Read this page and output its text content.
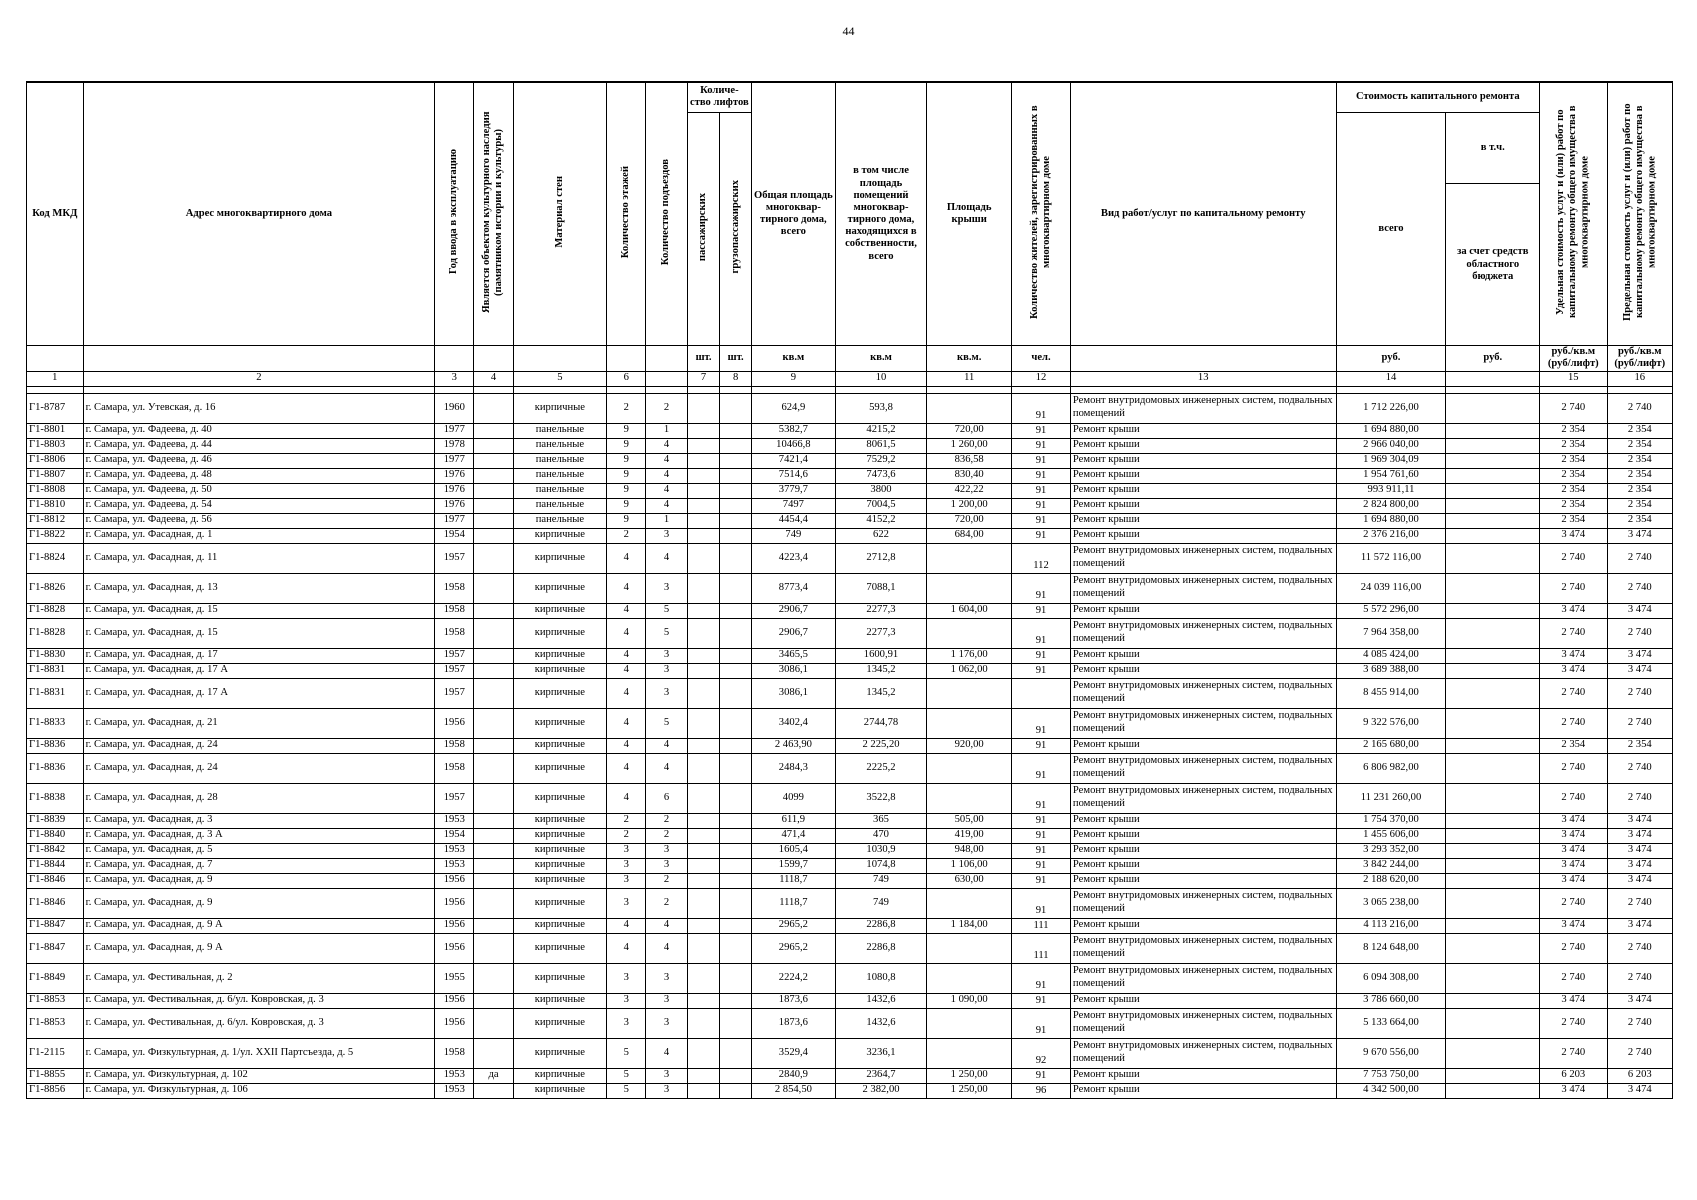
44
Код МКД	Адрес многоквартирного дома	Год ввода в эксплуатацию	Является объектом культурного наследия (памятником истории и культуры)	Материал стен	Количество этажей	Количество подъездов	Количе-ство лифтов		Общая площадь многоквар-тирного дома, всего	в том числе площадь помещений многоквар-тирного дома, находящихся в собственности, всего	Площадь крыши	Количество жителей, зарегистрированных в многоквартирном доме	Вид работ/услуг по капитальному ремонту	Стоимость капитального ремонта		Удельная стоимость услуг и (или) работ по капитальному ремонту общего имущества в многоквартирном доме	Предельная стоимость услуг и (или) работ по капитальному ремонту общего имущества в многоквартирном доме
							пассажирских	грузопассажирских						всего	в т.ч.		
															за счет средств областного бюджета		
							шт.	шт.	кв.м	кв.м	кв.м.	чел.		руб.	руб.	руб./кв.м (руб/лифт)	руб./кв.м (руб/лифт)
1	2	3	4	5	6		7	8	9	10	11	12	13	14		15	16

Г1-8787	г. Самара, ул. Утевская, д. 16	1960		кирпичные	2	2			624,9	593,8		91	Ремонт внутридомовых инженерных систем, подвальных помещений	1 712 226,00		2 740	2 740
Г1-8801	г. Самара, ул. Фадеева, д. 40	1977		панельные	9	1			5382,7	4215,2	720,00	91	Ремонт крыши	1 694 880,00		2 354	2 354
Г1-8803	г. Самара, ул. Фадеева, д. 44	1978		панельные	9	4			10466,8	8061,5	1 260,00	91	Ремонт крыши	2 966 040,00		2 354	2 354
Г1-8806	г. Самара, ул. Фадеева, д. 46	1977		панельные	9	4			7421,4	7529,2	836,58	91	Ремонт крыши	1 969 304,09		2 354	2 354
Г1-8807	г. Самара, ул. Фадеева, д. 48	1976		панельные	9	4			7514,6	7473,6	830,40	91	Ремонт крыши	1 954 761,60		2 354	2 354
Г1-8808	г. Самара, ул. Фадеева, д. 50	1976		панельные	9	4			3779,7	3800	422,22	91	Ремонт крыши	993 911,11		2 354	2 354
Г1-8810	г. Самара, ул. Фадеева, д. 54	1976		панельные	9	4			7497	7004,5	1 200,00	91	Ремонт крыши	2 824 800,00		2 354	2 354
Г1-8812	г. Самара, ул. Фадеева, д. 56	1977		панельные	9	1			4454,4	4152,2	720,00	91	Ремонт крыши	1 694 880,00		2 354	2 354
Г1-8822	г. Самара, ул. Фасадная, д. 1	1954		кирпичные	2	3			749	622	684,00	91	Ремонт крыши	2 376 216,00		3 474	3 474
Г1-8824	г. Самара, ул. Фасадная, д. 11	1957		кирпичные	4	4			4223,4	2712,8		112	Ремонт внутридомовых инженерных систем, подвальных помещений	11 572 116,00		2 740	2 740
Г1-8826	г. Самара, ул. Фасадная, д. 13	1958		кирпичные	4	3			8773,4	7088,1		91	Ремонт внутридомовых инженерных систем, подвальных помещений	24 039 116,00		2 740	2 740
Г1-8828	г. Самара, ул. Фасадная, д. 15	1958		кирпичные	4	5			2906,7	2277,3	1 604,00	91	Ремонт крыши	5 572 296,00		3 474	3 474
Г1-8828	г. Самара, ул. Фасадная, д. 15	1958		кирпичные	4	5			2906,7	2277,3		91	Ремонт внутридомовых инженерных систем, подвальных помещений	7 964 358,00		2 740	2 740
Г1-8830	г. Самара, ул. Фасадная, д. 17	1957		кирпичные	4	3			3465,5	1600,91	1 176,00	91	Ремонт крыши	4 085 424,00		3 474	3 474
Г1-8831	г. Самара, ул. Фасадная, д. 17 А	1957		кирпичные	4	3			3086,1	1345,2	1 062,00	91	Ремонт крыши	3 689 388,00		3 474	3 474
Г1-8831	г. Самара, ул. Фасадная, д. 17 А	1957		кирпичные	4	3			3086,1	1345,2			Ремонт внутридомовых инженерных систем, подвальных помещений	8 455 914,00		2 740	2 740
Г1-8833	г. Самара, ул. Фасадная, д. 21	1956		кирпичные	4	5			3402,4	2744,78		91	Ремонт внутридомовых инженерных систем, подвальных помещений	9 322 576,00		2 740	2 740
Г1-8836	г. Самара, ул. Фасадная, д. 24	1958		кирпичные	4	4			2 463,90	2 225,20	920,00	91	Ремонт крыши	2 165 680,00		2 354	2 354
Г1-8836	г. Самара, ул. Фасадная, д. 24	1958		кирпичные	4	4			2484,3	2225,2		91	Ремонт внутридомовых инженерных систем, подвальных помещений	6 806 982,00		2 740	2 740
Г1-8838	г. Самара, ул. Фасадная, д. 28	1957		кирпичные	4	6			4099	3522,8		91	Ремонт внутридомовых инженерных систем, подвальных помещений	11 231 260,00		2 740	2 740
Г1-8839	г. Самара, ул. Фасадная, д. 3	1953		кирпичные	2	2			611,9	365	505,00	91	Ремонт крыши	1 754 370,00		3 474	3 474
Г1-8840	г. Самара, ул. Фасадная, д. 3 А	1954		кирпичные	2	2			471,4	470	419,00	91	Ремонт крыши	1 455 606,00		3 474	3 474
Г1-8842	г. Самара, ул. Фасадная, д. 5	1953		кирпичные	3	3			1605,4	1030,9	948,00	91	Ремонт крыши	3 293 352,00		3 474	3 474
Г1-8844	г. Самара, ул. Фасадная, д. 7	1953		кирпичные	3	3			1599,7	1074,8	1 106,00	91	Ремонт крыши	3 842 244,00		3 474	3 474
Г1-8846	г. Самара, ул. Фасадная, д. 9	1956		кирпичные	3	2			1118,7	749	630,00	91	Ремонт крыши	2 188 620,00		3 474	3 474
Г1-8846	г. Самара, ул. Фасадная, д. 9	1956		кирпичные	3	2			1118,7	749		91	Ремонт внутридомовых инженерных систем, подвальных помещений	3 065 238,00		2 740	2 740
Г1-8847	г. Самара, ул. Фасадная, д. 9 А	1956		кирпичные	4	4			2965,2	2286,8	1 184,00	111	Ремонт крыши	4 113 216,00		3 474	3 474
Г1-8847	г. Самара, ул. Фасадная, д. 9 А	1956		кирпичные	4	4			2965,2	2286,8		111	Ремонт внутридомовых инженерных систем, подвальных помещений	8 124 648,00		2 740	2 740
Г1-8849	г. Самара, ул. Фестивальная, д. 2	1955		кирпичные	3	3			2224,2	1080,8		91	Ремонт внутридомовых инженерных систем, подвальных помещений	6 094 308,00		2 740	2 740
Г1-8853	г. Самара, ул. Фестивальная, д. 6/ул. Ковровская, д. 3	1956		кирпичные	3	3			1873,6	1432,6	1 090,00	91	Ремонт крыши	3 786 660,00		3 474	3 474
Г1-8853	г. Самара, ул. Фестивальная, д. 6/ул. Ковровская, д. 3	1956		кирпичные	3	3			1873,6	1432,6		91	Ремонт внутридомовых инженерных систем, подвальных помещений	5 133 664,00		2 740	2 740
Г1-2115	г. Самара, ул. Физкультурная, д. 1/ул. XXII Партсъезда, д. 5	1958		кирпичные	5	4			3529,4	3236,1		92	Ремонт внутридомовых инженерных систем, подвальных помещений	9 670 556,00		2 740	2 740
Г1-8855	г. Самара, ул. Физкультурная, д. 102	1953	да	кирпичные	5	3			2840,9	2364,7	1 250,00	91	Ремонт крыши	7 753 750,00		6 203	6 203
Г1-8856	г. Самара, ул. Физкультурная, д. 106	1953		кирпичные	5	3			2 854,50	2 382,00	1 250,00	96	Ремонт крыши	4 342 500,00		3 474	3 474
